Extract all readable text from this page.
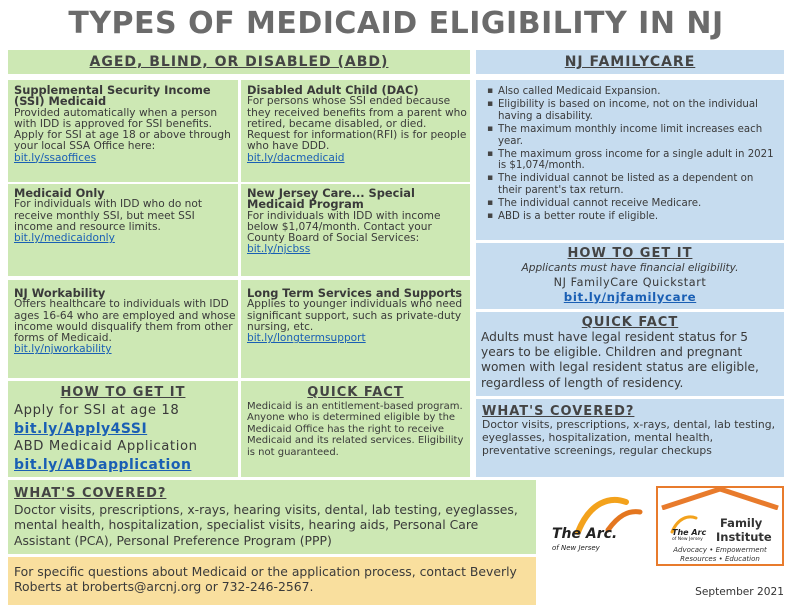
TYPES OF MEDICAID ELIGIBILITY IN NJ
AGED, BLIND, OR DISABLED (ABD)	NJ FAMILYCARE
Supplemental Security Income (SSI) Medicaid
Provided automatically when a person with IDD is approved for SSI benefits. Apply for SSI at age 18 or above through your local SSA Office here:
bit.ly/ssaoffices
Disabled Adult Child (DAC)
For persons whose SSI ended because they received benefits from a parent who retired, became disabled, or died. Request for information(RFI) is for people who have DDD.
bit.ly/dacmedicaid
Medicaid Only
For individuals with IDD who do not receive monthly SSI, but meet SSI income and resource limits.
bit.ly/medicaidonly
New Jersey Care... Special Medicaid Program
For individuals with IDD with income below $1,074/month. Contact your County Board of Social Services:
bit.ly/njcbss
NJ Workability
Offers healthcare to individuals with IDD ages 16-64 who are employed and whose income would disqualify them from other forms of Medicaid.
bit.ly/njworkability
Long Term Services and Supports
Applies to younger individuals who need significant support, such as private-duty nursing, etc.
bit.ly/longtermsupport
HOW TO GET IT
Apply for SSI at age 18
bit.ly/Apply4SSI
ABD Medicaid Application
bit.ly/ABDapplication
QUICK FACT
Medicaid is an entitlement-based program. Anyone who is determined eligible by the Medicaid Office has the right to receive Medicaid and its related services. Eligibility is not guaranteed.
WHAT'S COVERED?
Doctor visits, prescriptions, x-rays, hearing visits, dental, lab testing, eyeglasses, mental health, hospitalization, specialist visits, hearing aids, Personal Care Assistant (PCA), Personal Preference Program (PPP)
For specific questions about Medicaid or the application process, contact Beverly Roberts at broberts@arcnj.org or 732-246-2567.
▪ Also called Medicaid Expansion.
▪ Eligibility is based on income, not on the individual having a disability.
▪ The maximum monthly income limit increases each year.
▪ The maximum gross income for a single adult in 2021 is $1,074/month.
▪ The individual cannot be listed as a dependent on their parent's tax return.
▪ The individual cannot receive Medicare.
▪ ABD is a better route if eligible.
HOW TO GET IT
Applicants must have financial eligibility.
NJ FamilyCare Quickstart
bit.ly/njfamilycare
QUICK FACT
Adults must have legal resident status for 5 years to be eligible. Children and pregnant women with legal resident status are eligible, regardless of length of residency.
WHAT'S COVERED?
Doctor visits, prescriptions, x-rays, dental, lab testing, eyeglasses, hospitalization, mental health, preventative screenings, regular checkups
The Arc.
of New Jersey
The Arc
of New Jersey
Family
Institute
Advocacy • Empowerment
Resources • Education
September 2021
